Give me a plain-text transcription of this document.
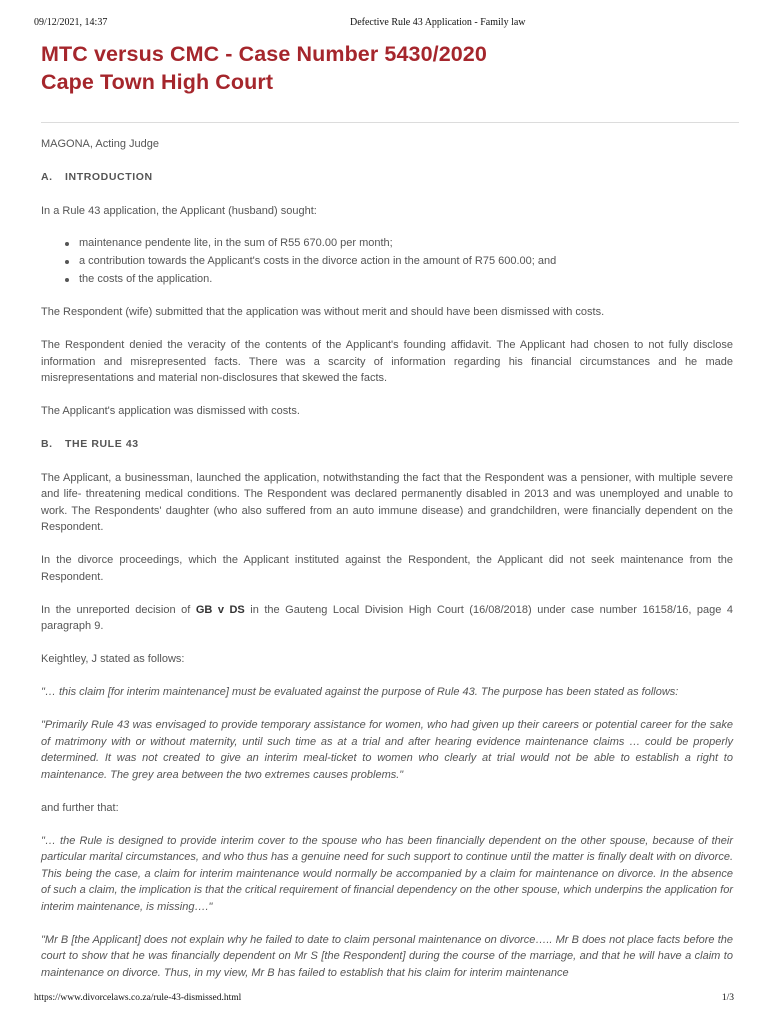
09/12/2021, 14:37	Defective Rule 43 Application - Family law
MTC versus CMC - Case Number 5430/2020
Cape Town High Court

MAGONA, Acting Judge

A. INTRODUCTION

In a Rule 43 application, the Applicant (husband) sought:

maintenance pendente lite, in the sum of R55 670.00 per month;
a contribution towards the Applicant's costs in the divorce action in the amount of R75 600.00; and
the costs of the application.

The Respondent (wife) submitted that the application was without merit and should have been dismissed with costs.

The Respondent denied the veracity of the contents of the Applicant's founding affidavit. The Applicant had chosen to not fully disclose information and misrepresented facts. There was a scarcity of information regarding his financial circumstances and he made misrepresentations and material non-disclosures that skewed the facts.

The Applicant's application was dismissed with costs.

B. THE RULE 43

The Applicant, a businessman, launched the application, notwithstanding the fact that the Respondent was a pensioner, with multiple severe and life- threatening medical conditions. The Respondent was declared permanently disabled in 2013 and was unemployed and unable to work. The Respondents' daughter (who also suffered from an auto immune disease) and grandchildren, were financially dependent on the Respondent.

In the divorce proceedings, which the Applicant instituted against the Respondent, the Applicant did not seek maintenance from the Respondent.

In the unreported decision of GB v DS in the Gauteng Local Division High Court (16/08/2018) under case number 16158/16, page 4 paragraph 9.

Keightley, J stated as follows:

"… this claim [for interim maintenance] must be evaluated against the purpose of Rule 43. The purpose has been stated as follows:

"Primarily Rule 43 was envisaged to provide temporary assistance for women, who had given up their careers or potential career for the sake of matrimony with or without maternity, until such time as at a trial and after hearing evidence maintenance claims … could be properly determined. It was not created to give an interim meal-ticket to women who clearly at trial would not be able to establish a right to maintenance. The grey area between the two extremes causes problems."

and further that:

"… the Rule is designed to provide interim cover to the spouse who has been financially dependent on the other spouse, because of their particular marital circumstances, and who thus has a genuine need for such support to continue until the matter is finally dealt with on divorce. This being the case, a claim for interim maintenance would normally be accompanied by a claim for maintenance on divorce. In the absence of such a claim, the implication is that the critical requirement of financial dependency on the other spouse, which underpins the application for interim maintenance, is missing…."

"Mr B [the Applicant] does not explain why he failed to date to claim personal maintenance on divorce….. Mr B does not place facts before the court to show that he was financially dependent on Mr S [the Respondent] during the course of the marriage, and that he will have a claim to maintenance on divorce. Thus, in my view, Mr B has failed to establish that his claim for interim maintenance

https://www.divorcelaws.co.za/rule-43-dismissed.html	1/3
